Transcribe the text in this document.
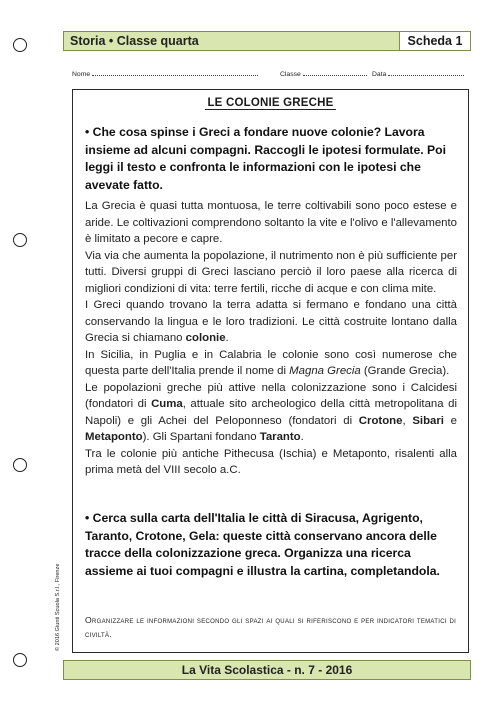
Storia • Classe quarta	Scheda 1
Nome	Classe	Data
LE COLONIE GRECHE

• Che cosa spinse i Greci a fondare nuove colonie? Lavora insieme ad alcuni compagni. Raccogli le ipotesi formulate. Poi leggi il testo e confronta le informazioni con le ipotesi che avevate fatto.

La Grecia è quasi tutta montuosa, le terre coltivabili sono poco estese e aride. Le coltivazioni comprendono soltanto la vite e l'olivo e l'allevamento è limitato a pecore e capre.
Via via che aumenta la popolazione, il nutrimento non è più sufficiente per tutti. Diversi gruppi di Greci lasciano perciò il loro paese alla ricerca di migliori condizioni di vita: terre fertili, ricche di acque e con clima mite.
I Greci quando trovano la terra adatta si fermano e fondano una città conservando la lingua e le loro tradizioni. Le città costruite lontano dalla Grecia si chiamano colonie.
In Sicilia, in Puglia e in Calabria le colonie sono così numerose che questa parte dell'Italia prende il nome di Magna Grecia (Grande Grecia).
Le popolazioni greche più attive nella colonizzazione sono i Calcidesi (fondatori di Cuma, attuale sito archeologico della città metropolitana di Napoli) e gli Achei del Peloponneso (fondatori di Crotone, Sibari e Metaponto). Gli Spartani fondano Taranto.
Tra le colonie più antiche Pithecusa (Ischia) e Metaponto, risalenti alla prima metà del VIII secolo a.C.

• Cerca sulla carta dell'Italia le città di Siracusa, Agrigento, Taranto, Crotone, Gela: queste città conservano ancora delle tracce della colonizzazione greca. Organizza una ricerca assieme ai tuoi compagni e illustra la cartina, completandola.

Organizzare le informazioni secondo gli spazi ai quali si riferiscono e per indicatori tematici di civiltà.

© 2016 Giunti Scuola S.r.l., Firenze
La Vita Scolastica - n. 7 - 2016
